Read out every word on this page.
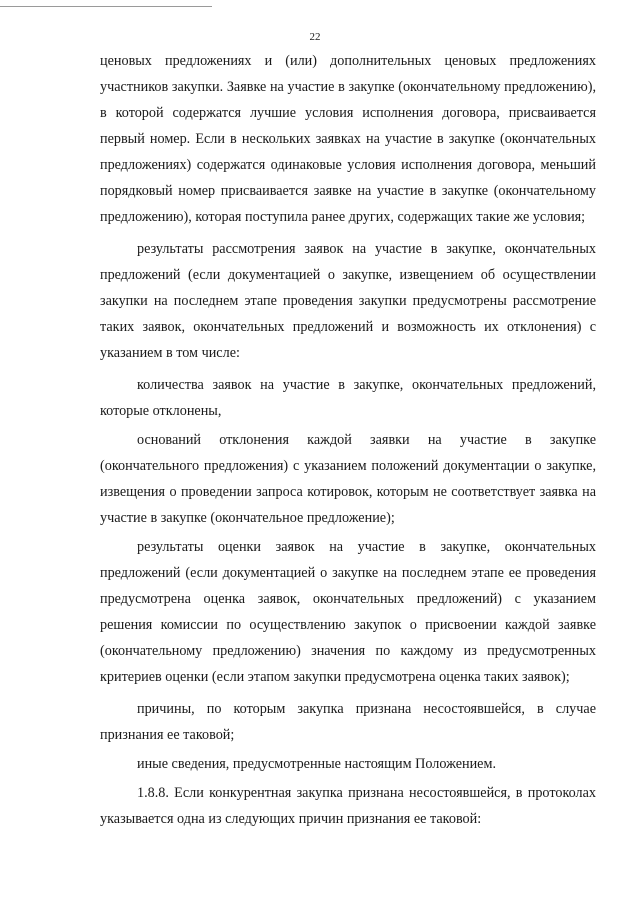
22

ценовых предложениях и (или) дополнительных ценовых предложениях участников закупки. Заявке на участие в закупке (окончательному предложению), в которой содержатся лучшие условия исполнения договора, присваивается первый номер. Если в нескольких заявках на участие в закупке (окончательных предложениях) содержатся одинаковые условия исполнения договора, меньший порядковый номер присваивается заявке на участие в закупке (окончательному предложению), которая поступила ранее других, содержащих такие же условия;

результаты рассмотрения заявок на участие в закупке, окончательных предложений (если документацией о закупке, извещением об осуществлении закупки на последнем этапе проведения закупки предусмотрены рассмотрение таких заявок, окончательных предложений и возможность их отклонения) с указанием в том числе:

количества заявок на участие в закупке, окончательных предложений, которые отклонены,

оснований отклонения каждой заявки на участие в закупке (окончательного предложения) с указанием положений документации о закупке, извещения о проведении запроса котировок, которым не соответствует заявка на участие в закупке (окончательное предложение);

результаты оценки заявок на участие в закупке, окончательных предложений (если документацией о закупке на последнем этапе ее проведения предусмотрена оценка заявок, окончательных предложений) с указанием решения комиссии по осуществлению закупок о присвоении каждой заявке (окончательному предложению) значения по каждому из предусмотренных критериев оценки (если этапом закупки предусмотрена оценка таких заявок);

причины, по которым закупка признана несостоявшейся, в случае признания ее таковой;

иные сведения, предусмотренные настоящим Положением.

1.8.8. Если конкурентная закупка признана несостоявшейся, в протоколах указывается одна из следующих причин признания ее таковой:
